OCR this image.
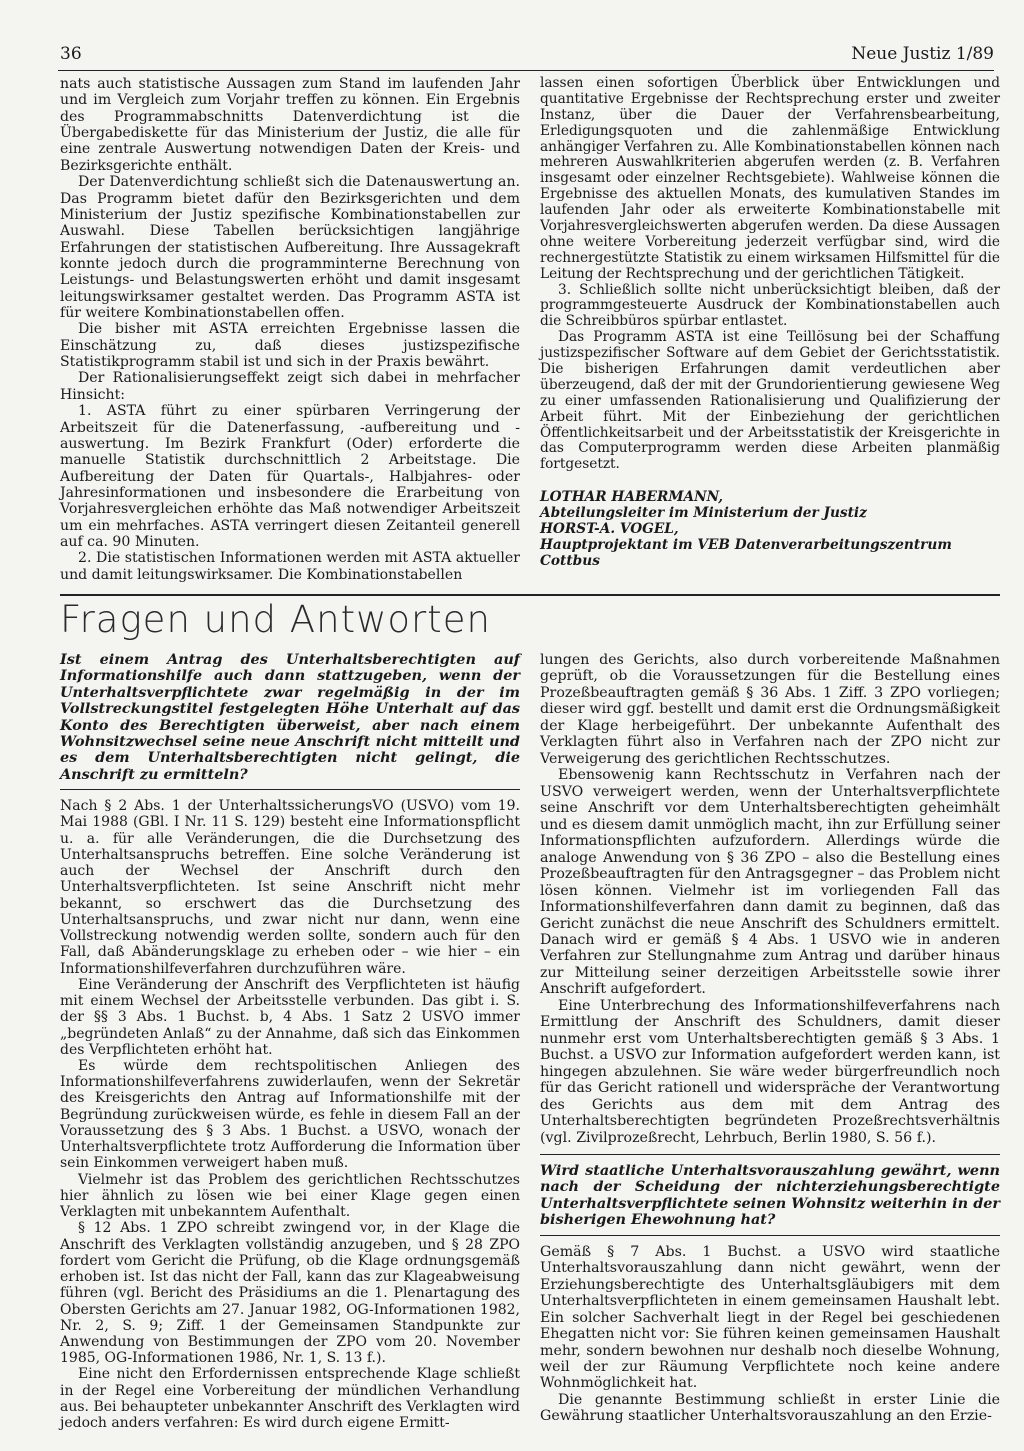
36	Neue Justiz 1/89

nats auch statistische Aussagen zum Stand im laufenden Jahr und im Vergleich zum Vorjahr treffen zu können. Ein Ergebnis des Programmabschnitts Datenverdichtung ist die Übergabediskette für das Ministerium der Justiz, die alle für eine zentrale Auswertung notwendigen Daten der Kreis- und Bezirksgerichte enthält.

Der Datenverdichtung schließt sich die Datenauswertung an. Das Programm bietet dafür den Bezirksgerichten und dem Ministerium der Justiz spezifische Kombinationstabellen zur Auswahl. Diese Tabellen berücksichtigen langjährige Erfahrungen der statistischen Aufbereitung. Ihre Aussagekraft konnte jedoch durch die programminterne Berechnung von Leistungs- und Belastungswerten erhöht und damit insgesamt leitungswirksamer gestaltet werden. Das Programm ASTA ist für weitere Kombinationstabellen offen.

Die bisher mit ASTA erreichten Ergebnisse lassen die Einschätzung zu, daß dieses justizspezifische Statistikprogramm stabil ist und sich in der Praxis bewährt.

Der Rationalisierungseffekt zeigt sich dabei in mehrfacher Hinsicht:

1. ASTA führt zu einer spürbaren Verringerung der Arbeitszeit für die Datenerfassung, -aufbereitung und -auswertung. Im Bezirk Frankfurt (Oder) erforderte die manuelle Statistik durchschnittlich 2 Arbeitstage. Die Aufbereitung der Daten für Quartals-, Halbjahres- oder Jahresinformationen und insbesondere die Erarbeitung von Vorjahresvergleichen erhöhte das Maß notwendiger Arbeitszeit um ein mehrfaches. ASTA verringert diesen Zeitanteil generell auf ca. 90 Minuten.

2. Die statistischen Informationen werden mit ASTA aktueller und damit leitungswirksamer. Die Kombinationstabellen

lassen einen sofortigen Überblick über Entwicklungen und quantitative Ergebnisse der Rechtsprechung erster und zweiter Instanz, über die Dauer der Verfahrensbearbeitung, Erledigungsquoten und die zahlenmäßige Entwicklung anhängiger Verfahren zu. Alle Kombinationstabellen können nach mehreren Auswahlkriterien abgerufen werden (z. B. Verfahren insgesamt oder einzelner Rechtsgebiete). Wahlweise können die Ergebnisse des aktuellen Monats, des kumulativen Standes im laufenden Jahr oder als erweiterte Kombinationstabelle mit Vorjahresvergleichswerten abgerufen werden. Da diese Aussagen ohne weitere Vorbereitung jederzeit verfügbar sind, wird die rechnergestützte Statistik zu einem wirksamen Hilfsmittel für die Leitung der Rechtsprechung und der gerichtlichen Tätigkeit.

3. Schließlich sollte nicht unberücksichtigt bleiben, daß der programmgesteuerte Ausdruck der Kombinationstabellen auch die Schreibbüros spürbar entlastet.

Das Programm ASTA ist eine Teillösung bei der Schaffung justizspezifischer Software auf dem Gebiet der Gerichtsstatistik. Die bisherigen Erfahrungen damit verdeutlichen aber überzeugend, daß der mit der Grundorientierung gewiesene Weg zu einer umfassenden Rationalisierung und Qualifizierung der Arbeit führt. Mit der Einbeziehung der gerichtlichen Öffentlichkeitsarbeit und der Arbeitsstatistik der Kreisgerichte in das Computerprogramm werden diese Arbeiten planmäßig fortgesetzt.

LOTHAR HABERMANN,
Abteilungsleiter im Ministerium der Justiz
HORST-A. VOGEL,
Hauptprojektant im VEB Datenverarbeitungszentrum Cottbus

Fragen und Antworten

Ist einem Antrag des Unterhaltsberechtigten auf Informationshilfe auch dann stattzugeben, wenn der Unterhaltsverpflichtete zwar regelmäßig in der im Vollstreckungstitel festgelegten Höhe Unterhalt auf das Konto des Berechtigten überweist, aber nach einem Wohnsitzwechsel seine neue Anschrift nicht mitteilt und es dem Unterhaltsberechtigten nicht gelingt, die Anschrift zu ermitteln?

Nach § 2 Abs. 1 der UnterhaltssicherungsVO (USVO) vom 19. Mai 1988 (GBl. I Nr. 11 S. 129) besteht eine Informationspflicht u. a. für alle Veränderungen, die die Durchsetzung des Unterhaltsanspruchs betreffen. Eine solche Veränderung ist auch der Wechsel der Anschrift durch den Unterhaltsverpflichteten. Ist seine Anschrift nicht mehr bekannt, so erschwert das die Durchsetzung des Unterhaltsanspruchs, und zwar nicht nur dann, wenn eine Vollstreckung notwendig werden sollte, sondern auch für den Fall, daß Abänderungsklage zu erheben oder – wie hier – ein Informationshilfeverfahren durchzuführen wäre.

Eine Veränderung der Anschrift des Verpflichteten ist häufig mit einem Wechsel der Arbeitsstelle verbunden. Das gibt i. S. der §§ 3 Abs. 1 Buchst. b, 4 Abs. 1 Satz 2 USVO immer „begründeten Anlaß“ zu der Annahme, daß sich das Einkommen des Verpflichteten erhöht hat.

Es würde dem rechtspolitischen Anliegen des Informationshilfeverfahrens zuwiderlaufen, wenn der Sekretär des Kreisgerichts den Antrag auf Informationshilfe mit der Begründung zurückweisen würde, es fehle in diesem Fall an der Voraussetzung des § 3 Abs. 1 Buchst. a USVO, wonach der Unterhaltsverpflichtete trotz Aufforderung die Information über sein Einkommen verweigert haben muß.

Vielmehr ist das Problem des gerichtlichen Rechtsschutzes hier ähnlich zu lösen wie bei einer Klage gegen einen Verklagten mit unbekanntem Aufenthalt.

§ 12 Abs. 1 ZPO schreibt zwingend vor, in der Klage die Anschrift des Verklagten vollständig anzugeben, und § 28 ZPO fordert vom Gericht die Prüfung, ob die Klage ordnungsgemäß erhoben ist. Ist das nicht der Fall, kann das zur Klageabweisung führen (vgl. Bericht des Präsidiums an die 1. Plenartagung des Obersten Gerichts am 27. Januar 1982, OG-Informationen 1982, Nr. 2, S. 9; Ziff. 1 der Gemeinsamen Standpunkte zur Anwendung von Bestimmungen der ZPO vom 20. November 1985, OG-Informationen 1986, Nr. 1, S. 13 f.).

Eine nicht den Erfordernissen entsprechende Klage schließt in der Regel eine Vorbereitung der mündlichen Verhandlung aus. Bei behaupteter unbekannter Anschrift des Verklagten wird jedoch anders verfahren: Es wird durch eigene Ermitt-

lungen des Gerichts, also durch vorbereitende Maßnahmen geprüft, ob die Voraussetzungen für die Bestellung eines Prozeßbeauftragten gemäß § 36 Abs. 1 Ziff. 3 ZPO vorliegen; dieser wird ggf. bestellt und damit erst die Ordnungsmäßigkeit der Klage herbeigeführt. Der unbekannte Aufenthalt des Verklagten führt also in Verfahren nach der ZPO nicht zur Verweigerung des gerichtlichen Rechtsschutzes.

Ebensowenig kann Rechtsschutz in Verfahren nach der USVO verweigert werden, wenn der Unterhaltsverpflichtete seine Anschrift vor dem Unterhaltsberechtigten geheimhält und es diesem damit unmöglich macht, ihn zur Erfüllung seiner Informationspflichten aufzufordern. Allerdings würde die analoge Anwendung von § 36 ZPO – also die Bestellung eines Prozeßbeauftragten für den Antragsgegner – das Problem nicht lösen können. Vielmehr ist im vorliegenden Fall das Informationshilfeverfahren dann damit zu beginnen, daß das Gericht zunächst die neue Anschrift des Schuldners ermittelt. Danach wird er gemäß § 4 Abs. 1 USVO wie in anderen Verfahren zur Stellungnahme zum Antrag und darüber hinaus zur Mitteilung seiner derzeitigen Arbeitsstelle sowie ihrer Anschrift aufgefordert.

Eine Unterbrechung des Informationshilfeverfahrens nach Ermittlung der Anschrift des Schuldners, damit dieser nunmehr erst vom Unterhaltsberechtigten gemäß § 3 Abs. 1 Buchst. a USVO zur Information aufgefordert werden kann, ist hingegen abzulehnen. Sie wäre weder bürgerfreundlich noch für das Gericht rationell und widerspräche der Verantwortung des Gerichts aus dem mit dem Antrag des Unterhaltsberechtigten begründeten Prozeßrechtsverhältnis (vgl. Zivilprozeßrecht, Lehrbuch, Berlin 1980, S. 56 f.).

Wird staatliche Unterhaltsvorauszahlung gewährt, wenn nach der Scheidung der nichterziehungsberechtigte Unterhaltsverpflichtete seinen Wohnsitz weiterhin in der bisherigen Ehewohnung hat?

Gemäß § 7 Abs. 1 Buchst. a USVO wird staatliche Unterhaltsvorauszahlung dann nicht gewährt, wenn der Erziehungsberechtigte des Unterhaltsgläubigers mit dem Unterhaltsverpflichteten in einem gemeinsamen Haushalt lebt. Ein solcher Sachverhalt liegt in der Regel bei geschiedenen Ehegatten nicht vor: Sie führen keinen gemeinsamen Haushalt mehr, sondern bewohnen nur deshalb noch dieselbe Wohnung, weil der zur Räumung Verpflichtete noch keine andere Wohnmöglichkeit hat.

Die genannte Bestimmung schließt in erster Linie die Gewährung staatlicher Unterhaltsvorauszahlung an den Erzie-
